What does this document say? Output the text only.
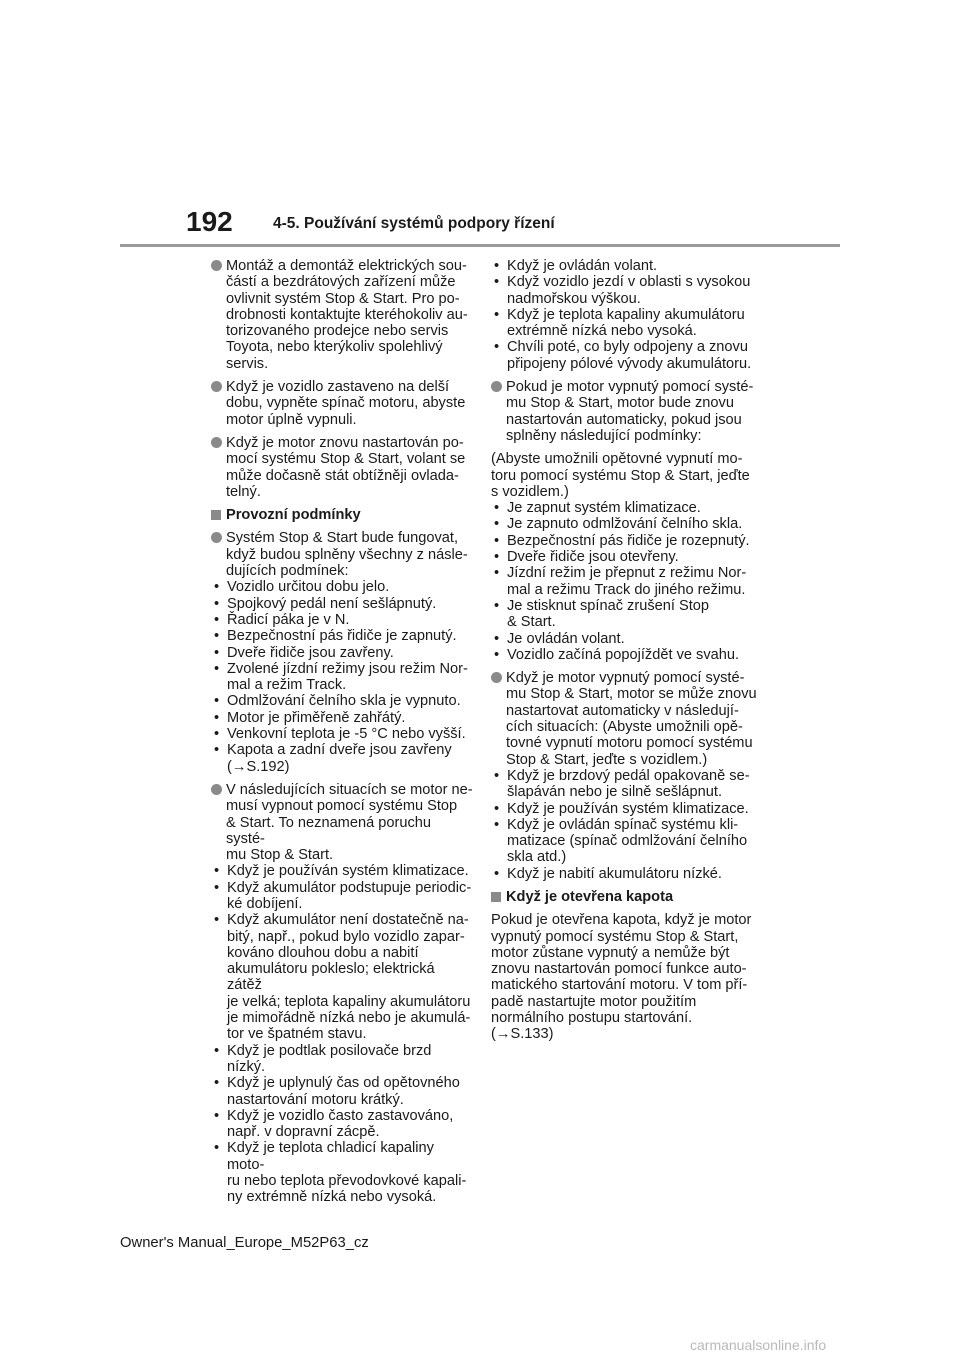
192	4-5. Používání systémů podpory řízení
Montáž a demontáž elektrických sou-
částí a bezdrátových zařízení může
ovlivnit systém Stop & Start. Pro po-
drobnosti kontaktujte kteréhokoliv au-
torizovaného prodejce nebo servis
Toyota, nebo kterýkoliv spolehlivý
servis.
Když je vozidlo zastaveno na delší
dobu, vypněte spínač motoru, abyste
motor úplně vypnuli.
Když je motor znovu nastartován po-
mocí systému Stop & Start, volant se
může dočasně stát obtížněji ovlada-
telný.
Provozní podmínky
Systém Stop & Start bude fungovat,
když budou splněny všechny z násle-
dujících podmínek:
• Vozidlo určitou dobu jelo.
• Spojkový pedál není sešlápnutý.
• Řadicí páka je v N.
• Bezpečnostní pás řidiče je zapnutý.
• Dveře řidiče jsou zavřeny.
• Zvolené jízdní režimy jsou režim Nor-
mal a režim Track.
• Odmlžování čelního skla je vypnuto.
• Motor je přiměřeně zahřátý.
• Venkovní teplota je -5 °C nebo vyšší.
• Kapota a zadní dveře jsou zavřeny
(→S.192)
V následujících situacích se motor ne-
musí vypnout pomocí systému Stop
& Start. To neznamená poruchu systé-
mu Stop & Start.
• Když je používán systém klimatizace.
• Když akumulátor podstupuje periodic-
ké dobíjení.
• Když akumulátor není dostatečně na-
bitý, např., pokud bylo vozidlo zapar-
kováno dlouhou dobu a nabití
akumulátoru pokleslo; elektrická zátěž
je velká; teplota kapaliny akumulátoru
je mimořádně nízká nebo je akumulá-
tor ve špatném stavu.
• Když je podtlak posilovače brzd nízký.
• Když je uplynulý čas od opětovného
nastartování motoru krátký.
• Když je vozidlo často zastavováno,
např. v dopravní zácpě.
• Když je teplota chladicí kapaliny moto-
ru nebo teplota převodovkové kapali-
ny extrémně nízká nebo vysoká.
• Když je ovládán volant.
• Když vozidlo jezdí v oblasti s vysokou
nadmořskou výškou.
• Když je teplota kapaliny akumulátoru
extrémně nízká nebo vysoká.
• Chvíli poté, co byly odpojeny a znovu
připojeny pólové vývody akumulátoru.
Pokud je motor vypnutý pomocí systé-
mu Stop & Start, motor bude znovu
nastartován automaticky, pokud jsou
splněny následující podmínky:
(Abyste umožnili opětovné vypnutí mo-
toru pomocí systému Stop & Start, jeďte
s vozidlem.)
• Je zapnut systém klimatizace.
• Je zapnuto odmlžování čelního skla.
• Bezpečnostní pás řidiče je rozepnutý.
• Dveře řidiče jsou otevřeny.
• Jízdní režim je přepnut z režimu Nor-
mal a režimu Track do jiného režimu.
• Je stisknut spínač zrušení Stop
& Start.
• Je ovládán volant.
• Vozidlo začíná popojíždět ve svahu.
Když je motor vypnutý pomocí systé-
mu Stop & Start, motor se může znovu
nastartovat automaticky v následují-
cích situacích: (Abyste umožnili opě-
tovné vypnutí motoru pomocí systému
Stop & Start, jeďte s vozidlem.)
• Když je brzdový pedál opakovaně se-
šlapáván nebo je silně sešlápnut.
• Když je používán systém klimatizace.
• Když je ovládán spínač systému kli-
matizace (spínač odmlžování čelního
skla atd.)
• Když je nabití akumulátoru nízké.
Když je otevřena kapota
Pokud je otevřena kapota, když je motor
vypnutý pomocí systému Stop & Start,
motor zůstane vypnutý a nemůže být
znovu nastartován pomocí funkce auto-
matického startování motoru. V tom pří-
padě nastartujte motor použitím
normálního postupu startování.
(→S.133)
Owner's Manual_Europe_M52P63_cz
carmanualsonline.info
